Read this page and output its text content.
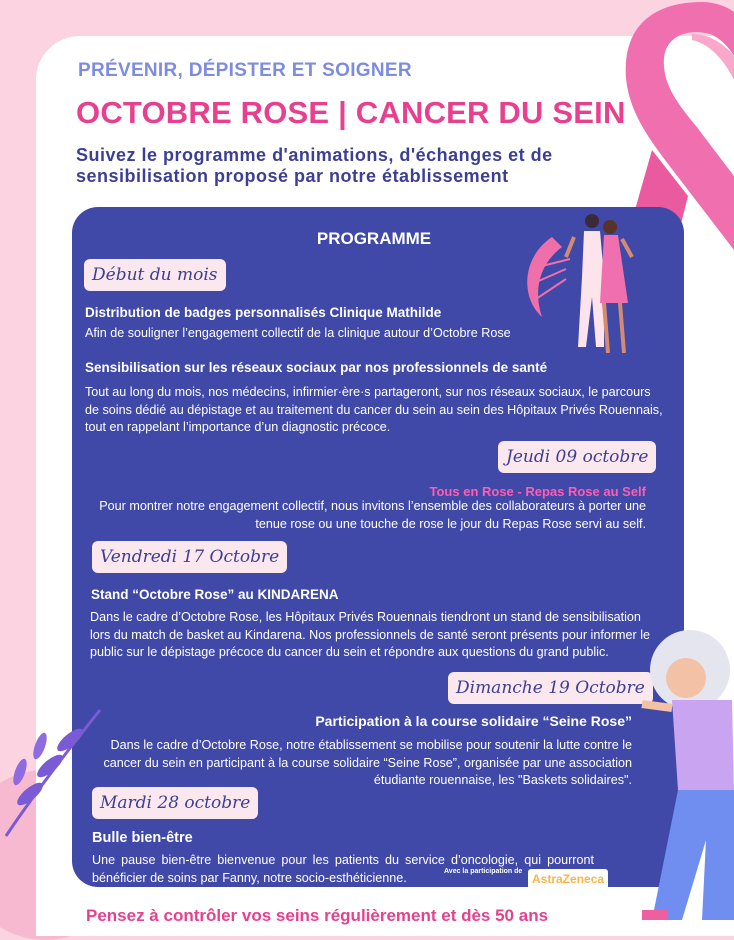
PRÉVENIR, DÉPISTER ET SOIGNER
OCTOBRE ROSE | CANCER DU SEIN

Suivez le programme d'animations, d'échanges et de sensibilisation proposé par notre établissement

PROGRAMME
Début du mois
Distribution de badges personnalisés Clinique Mathilde
Afin de souligner l’engagement collectif de la clinique autour d’Octobre Rose
Sensibilisation sur les réseaux sociaux par nos professionnels de santé
Tout au long du mois, nos médecins, infirmier·ère·s partageront, sur nos réseaux sociaux, le parcours de soins dédié au dépistage et au traitement du cancer du sein au sein des Hôpitaux Privés Rouennais, tout en rappelant l’importance d’un diagnostic précoce.
Jeudi 09 octobre
Tous en Rose - Repas Rose au Self
Pour montrer notre engagement collectif, nous invitons l’ensemble des collaborateurs à porter une tenue rose ou une touche de rose le jour du Repas Rose servi au self.
Vendredi 17 Octobre
Stand “Octobre Rose” au KINDARENA
Dans le cadre d’Octobre Rose, les Hôpitaux Privés Rouennais tiendront un stand de sensibilisation lors du match de basket au Kindarena. Nos professionnels de santé seront présents pour informer le public sur le dépistage précoce du cancer du sein et répondre aux questions du grand public.
Dimanche 19 Octobre
Participation à la course solidaire “Seine Rose”
Dans le cadre d’Octobre Rose, notre établissement se mobilise pour soutenir la lutte contre le cancer du sein en participant à la course solidaire “Seine Rose”, organisée par une association étudiante rouennaise, les "Baskets solidaires".
Mardi 28 octobre
Bulle bien-être
Une pause bien-être bienvenue pour les patients du service d’oncologie, qui pourront bénéficier de soins par Fanny, notre socio-esthéticienne.	Avec la participation de
AstraZeneca

Pensez à contrôler vos seins régulièrement et dès 50 ans
